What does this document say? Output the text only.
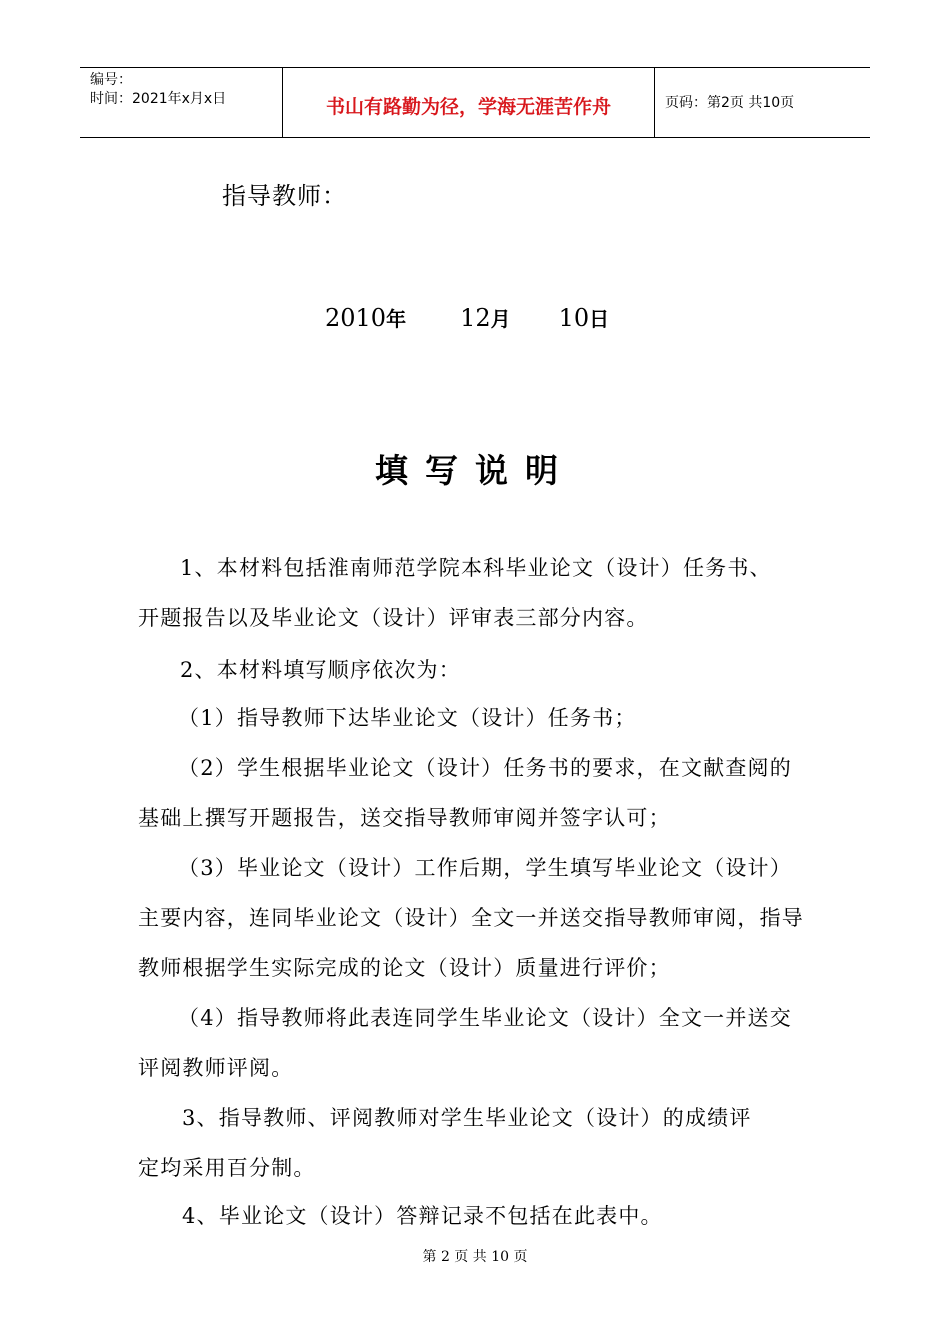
编号：
时间：2021年x月x日	书山有路勤为径，学海无涯苦作舟	页码：第2页 共10页
指导教师：
2010年 12月 10日
填写说明
1、本材料包括淮南师范学院本科毕业论文（设计）任务书、
开题报告以及毕业论文（设计）评审表三部分内容。
2、本材料填写顺序依次为：
（1）指导教师下达毕业论文（设计）任务书；
（2）学生根据毕业论文（设计）任务书的要求，在文献查阅的
基础上撰写开题报告，送交指导教师审阅并签字认可；
（3）毕业论文（设计）工作后期，学生填写毕业论文（设计）
主要内容，连同毕业论文（设计）全文一并送交指导教师审阅，指导
教师根据学生实际完成的论文（设计）质量进行评价；
（4）指导教师将此表连同学生毕业论文（设计）全文一并送交
评阅教师评阅。
3、指导教师、评阅教师对学生毕业论文（设计）的成绩评
定均采用百分制。
4、毕业论文（设计）答辩记录不包括在此表中。
第 2 页 共 10 页
